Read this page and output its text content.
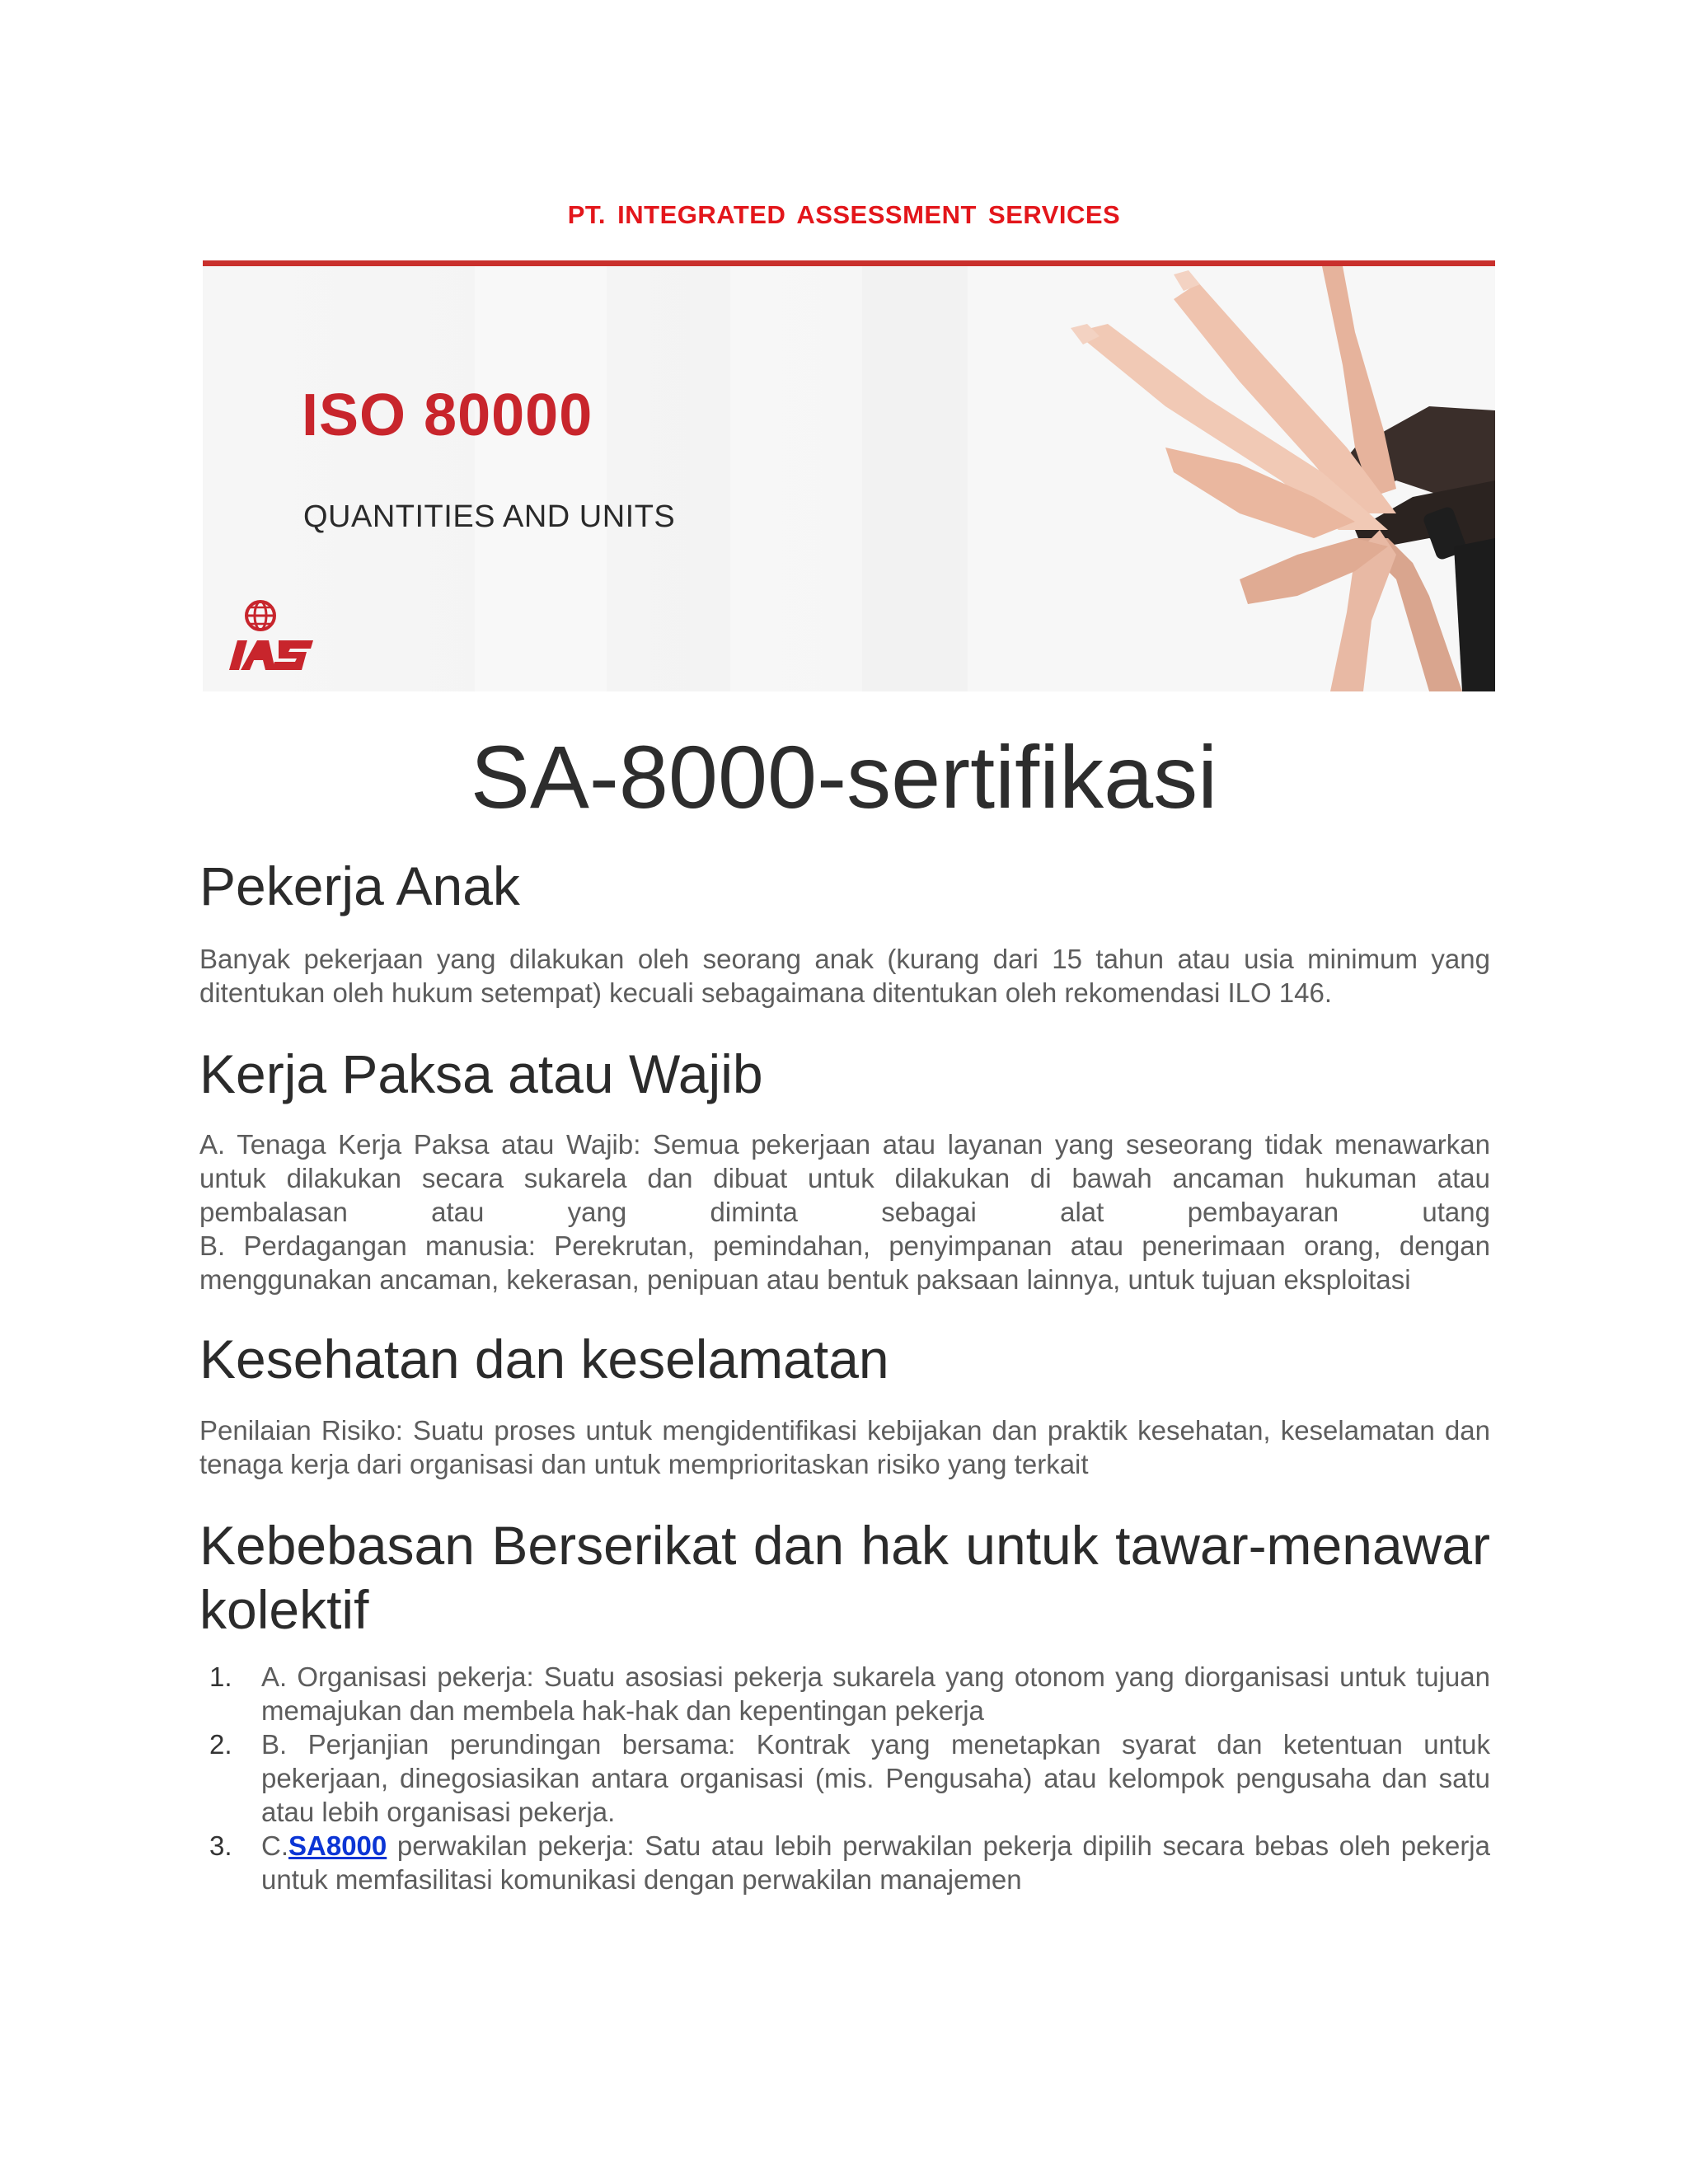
PT. INTEGRATED ASSESSMENT SERVICES
ISO 80000
QUANTITIES AND UNITS
SA-8000-sertifikasi
Pekerja Anak
Banyak pekerjaan yang dilakukan oleh seorang anak (kurang dari 15 tahun atau usia minimum yang ditentukan oleh hukum setempat) kecuali sebagaimana ditentukan oleh rekomendasi ILO 146.
Kerja Paksa atau Wajib
A. Tenaga Kerja Paksa atau Wajib: Semua pekerjaan atau layanan yang seseorang tidak menawarkan untuk dilakukan secara sukarela dan dibuat untuk dilakukan di bawah ancaman hukuman atau pembalasan atau yang diminta sebagai alat pembayaran utang
B. Perdagangan manusia: Perekrutan, pemindahan, penyimpanan atau penerimaan orang, dengan menggunakan ancaman, kekerasan, penipuan atau bentuk paksaan lainnya, untuk tujuan eksploitasi
Kesehatan dan keselamatan
Penilaian Risiko: Suatu proses untuk mengidentifikasi kebijakan dan praktik kesehatan, keselamatan dan tenaga kerja dari organisasi dan untuk memprioritaskan risiko yang terkait
Kebebasan Berserikat dan hak untuk tawar-menawar kolektif
1. A. Organisasi pekerja: Suatu asosiasi pekerja sukarela yang otonom yang diorganisasi untuk tujuan memajukan dan membela hak-hak dan kepentingan pekerja
2. B. Perjanjian perundingan bersama: Kontrak yang menetapkan syarat dan ketentuan untuk pekerjaan, dinegosiasikan antara organisasi (mis. Pengusaha) atau kelompok pengusaha dan satu atau lebih organisasi pekerja.
3. C.SA8000 perwakilan pekerja: Satu atau lebih perwakilan pekerja dipilih secara bebas oleh pekerja untuk memfasilitasi komunikasi dengan perwakilan manajemen
